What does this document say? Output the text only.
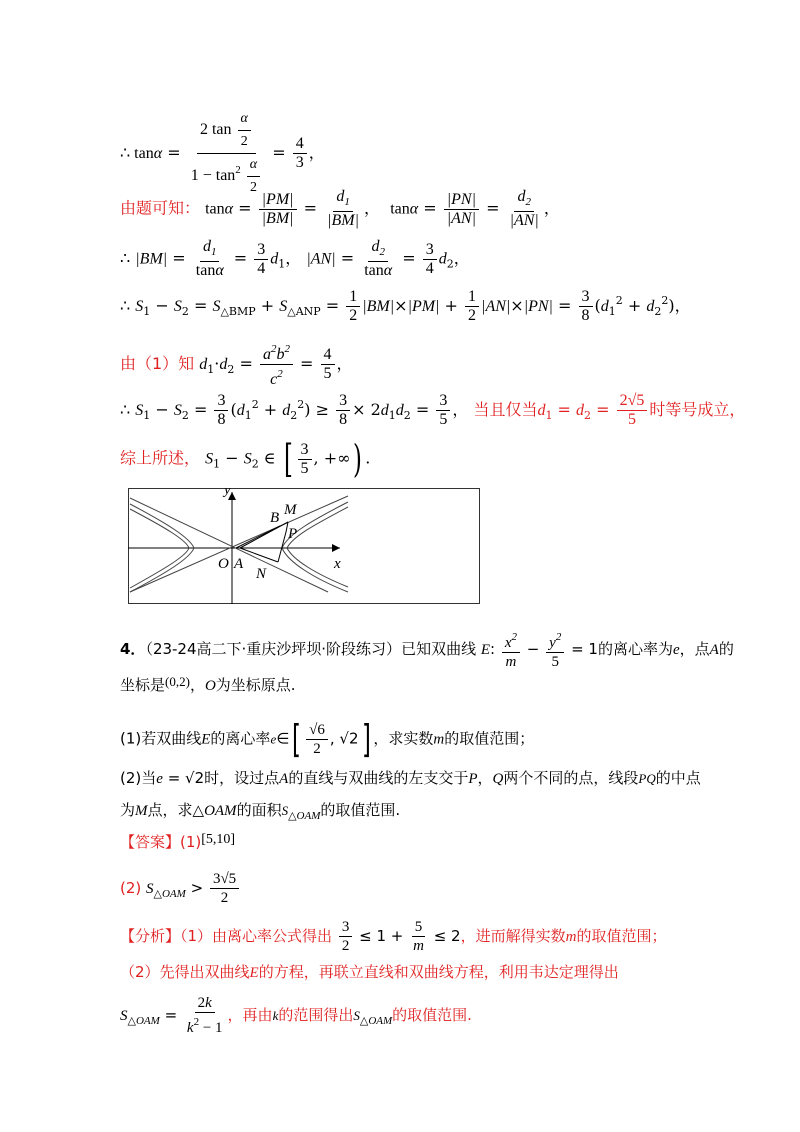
∴ $\tan\alpha = \frac{2 \tan \frac{\alpha}{2}}{1 - \tan^2 \frac{\alpha}{2}} = \frac{4}{3}$ ，
由题可知： $\tan\alpha = \frac{|PM|}{|BM|} = \frac{d_1}{|BM|}$ ，  $\tan\alpha = \frac{|PN|}{|AN|} = \frac{d_2}{|AN|}$ ，
∴ $|BM| = \frac{d_1}{\tan\alpha} = \frac{3}{4} d_1$， $|AN| = \frac{d_2}{\tan\alpha} = \frac{3}{4} d_2$，
∴ $S_1 - S_2 = S_{\triangle BMP} + S_{\triangle ANP} = \frac{1}{2} |BM|\times|PM| + \frac{1}{2} |AN|\times|PN| = \frac{3}{8} (d_1^2 + d_2^2)$，
由（1）知 $d_1\cdot d_2 = \frac{a^2b^2}{c^2} = \frac{4}{5}$ ，
∴ $S_1 - S_2 = \frac{3}{8} (d_1^2 + d_2^2) \ge \frac{3}{8} \times 2d_1d_2 = \frac{3}{5}$ ， 当且仅当$d_1 = d_2 = \frac{2√5}{5}$ 时等号成立，
综上所述， $S_1 - S_2$ ∈ [ $\frac{3}{5}$ , +∞) .
y
x
O A
B M
P
N
4．（23-24高二下·重庆沙坪坝·阶段练习）已知双曲线 E: $\frac{x^2}{m} - \frac{y^2}{5} = 1$的离心率为e，点A的
坐标是(0,2)，O为坐标原点.
(1)若双曲线E的离心率e∈[ $\frac{√6}{2}$ , √2] ，求实数m的取值范围；
(2)当e = √2时，设过点A的直线与双曲线的左支交于P，Q两个不同的点，线段PQ的中点
为M点，求△OAM的面积$S_{\triangle OAM}$的取值范围.
【答案】(1)[5,10]
(2) $S_{\triangle OAM} > \frac{3√5}{2}$
【分析】（1）由离心率公式得出 $\frac{3}{2} \le 1 + \frac{5}{m} \le 2$，进而解得实数m的取值范围；
（2）先得出双曲线E的方程，再联立直线和双曲线方程，利用韦达定理得出
$S_{\triangle OAM} = \frac{2k}{k^2 - 1}$ ，再由k的范围得出$S_{\triangle OAM}$的取值范围.
